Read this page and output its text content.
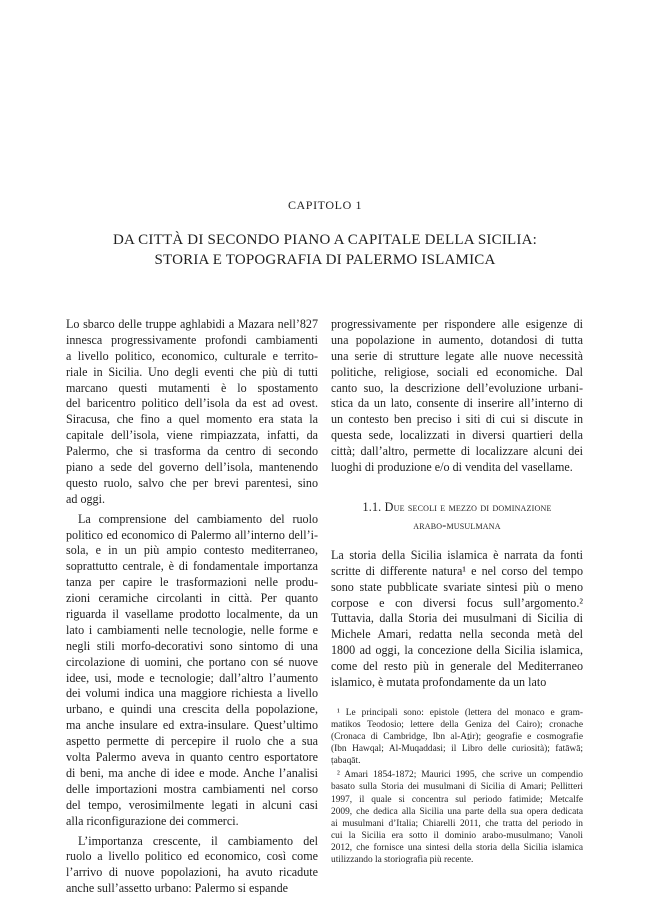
CAPITOLO 1
DA CITTÀ DI SECONDO PIANO A CAPITALE DELLA SICILIA:
STORIA E TOPOGRAFIA DI PALERMO ISLAMICA
Lo sbarco delle truppe aghlabidi a Mazara nell’827
innesca progressivamente profondi cambiamenti
a livello politico, economico, culturale e territo-
riale in Sicilia. Uno degli eventi che più di tutti
marcano questi mutamenti è lo spostamento
del baricentro politico dell’isola da est ad ovest.
Siracusa, che fino a quel momento era stata la
capitale dell’isola, viene rimpiazzata, infatti, da
Palermo, che si trasforma da centro di secondo
piano a sede del governo dell’isola, mantenendo
questo ruolo, salvo che per brevi parentesi, sino
ad oggi.
La comprensione del cambiamento del ruolo
politico ed economico di Palermo all’interno dell’i-
sola, e in un più ampio contesto mediterraneo,
soprattutto centrale, è di fondamentale importanza
tanza per capire le trasformazioni nelle produ-
zioni ceramiche circolanti in città. Per quanto
riguarda il vasellame prodotto localmente, da un
lato i cambiamenti nelle tecnologie, nelle forme e
negli stili morfo-decorativi sono sintomo di una
circolazione di uomini, che portano con sé nuove
idee, usi, mode e tecnologie; dall’altro l’aumento
dei volumi indica una maggiore richiesta a livello
urbano, e quindi una crescita della popolazione,
ma anche insulare ed extra-insulare. Quest’ultimo
aspetto permette di percepire il ruolo che a sua
volta Palermo aveva in quanto centro esportatore
di beni, ma anche di idee e mode. Anche l’analisi
delle importazioni mostra cambiamenti nel corso
del tempo, verosimilmente legati in alcuni casi
alla riconfigurazione dei commerci.
L’importanza crescente, il cambiamento del
ruolo a livello politico ed economico, così come
l’arrivo di nuove popolazioni, ha avuto ricadute
anche sull’assetto urbano: Palermo si espande
progressivamente per rispondere alle esigenze di
una popolazione in aumento, dotandosi di tutta
una serie di strutture legate alle nuove necessità
politiche, religiose, sociali ed economiche. Dal
canto suo, la descrizione dell’evoluzione urbani-
stica da un lato, consente di inserire all’interno di
un contesto ben preciso i siti di cui si discute in
questa sede, localizzati in diversi quartieri della
città; dall’altro, permette di localizzare alcuni dei
luoghi di produzione e/o di vendita del vasellame.
1.1. Due secoli e mezzo di dominazione
arabo-musulmana
La storia della Sicilia islamica è narrata da fonti
scritte di differente natura¹ e nel corso del tempo
sono state pubblicate svariate sintesi più o meno
corpose e con diversi focus sull’argomento.²
Tuttavia, dalla Storia dei musulmani di Sicilia di
Michele Amari, redatta nella seconda metà del
1800 ad oggi, la concezione della Sicilia islamica,
come del resto più in generale del Mediterraneo
islamico, è mutata profondamente da un lato
¹ Le principali sono: epistole (lettera del monaco e gram-
matikos Teodosio; lettere della Geniza del Cairo); cronache
(Cronaca di Cambridge, Ibn al-Aṯir); geografie e cosmografie
(Ibn Hawqal; Al-Muqaddasi; il Libro delle curiosità); fatāwā;
ṭabaqāt.
² Amari 1854-1872; Maurici 1995, che scrive un compendio
basato sulla Storia dei musulmani di Sicilia di Amari; Pellitteri
1997, il quale si concentra sul periodo fatimide; Metcalfe
2009, che dedica alla Sicilia una parte della sua opera dedicata
ai musulmani d’Italia; Chiarelli 2011, che tratta del periodo in
cui la Sicilia era sotto il dominio arabo-musulmano; Vanoli
2012, che fornisce una sintesi della storia della Sicilia islamica
utilizzando la storiografia più recente.
